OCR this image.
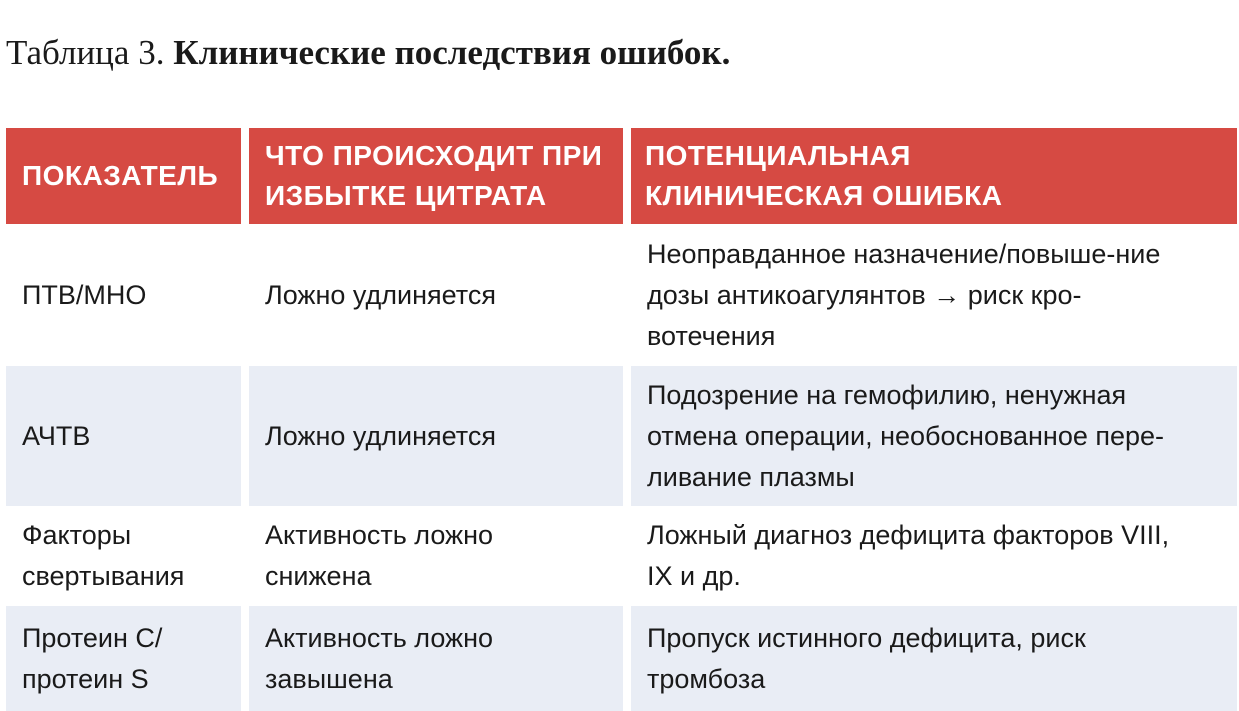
Таблица 3. Клинические последствия ошибок.
ПОКАЗАТЕЛЬ
ЧТО ПРОИСХОДИТ ПРИ ИЗБЫТКЕ ЦИТРАТА
ПОТЕНЦИАЛЬНАЯ КЛИНИЧЕСКАЯ ОШИБКА
ПТВ/МНО	Ложно удлиняется
Неоправданное назначение/повыше-ние дозы антикоагулянтов → риск кро-вотечения
АЧТВ	Ложно удлиняется
Подозрение на гемофилию, ненужная отмена операции, необоснованное пере-ливание плазмы
Факторы свертывания
Активность ложно снижена
Ложный диагноз дефицита факторов VIII, IX и др.
Протеин С/ протеин S
Активность ложно завышена
Пропуск истинного дефицита, риск тромбоза
